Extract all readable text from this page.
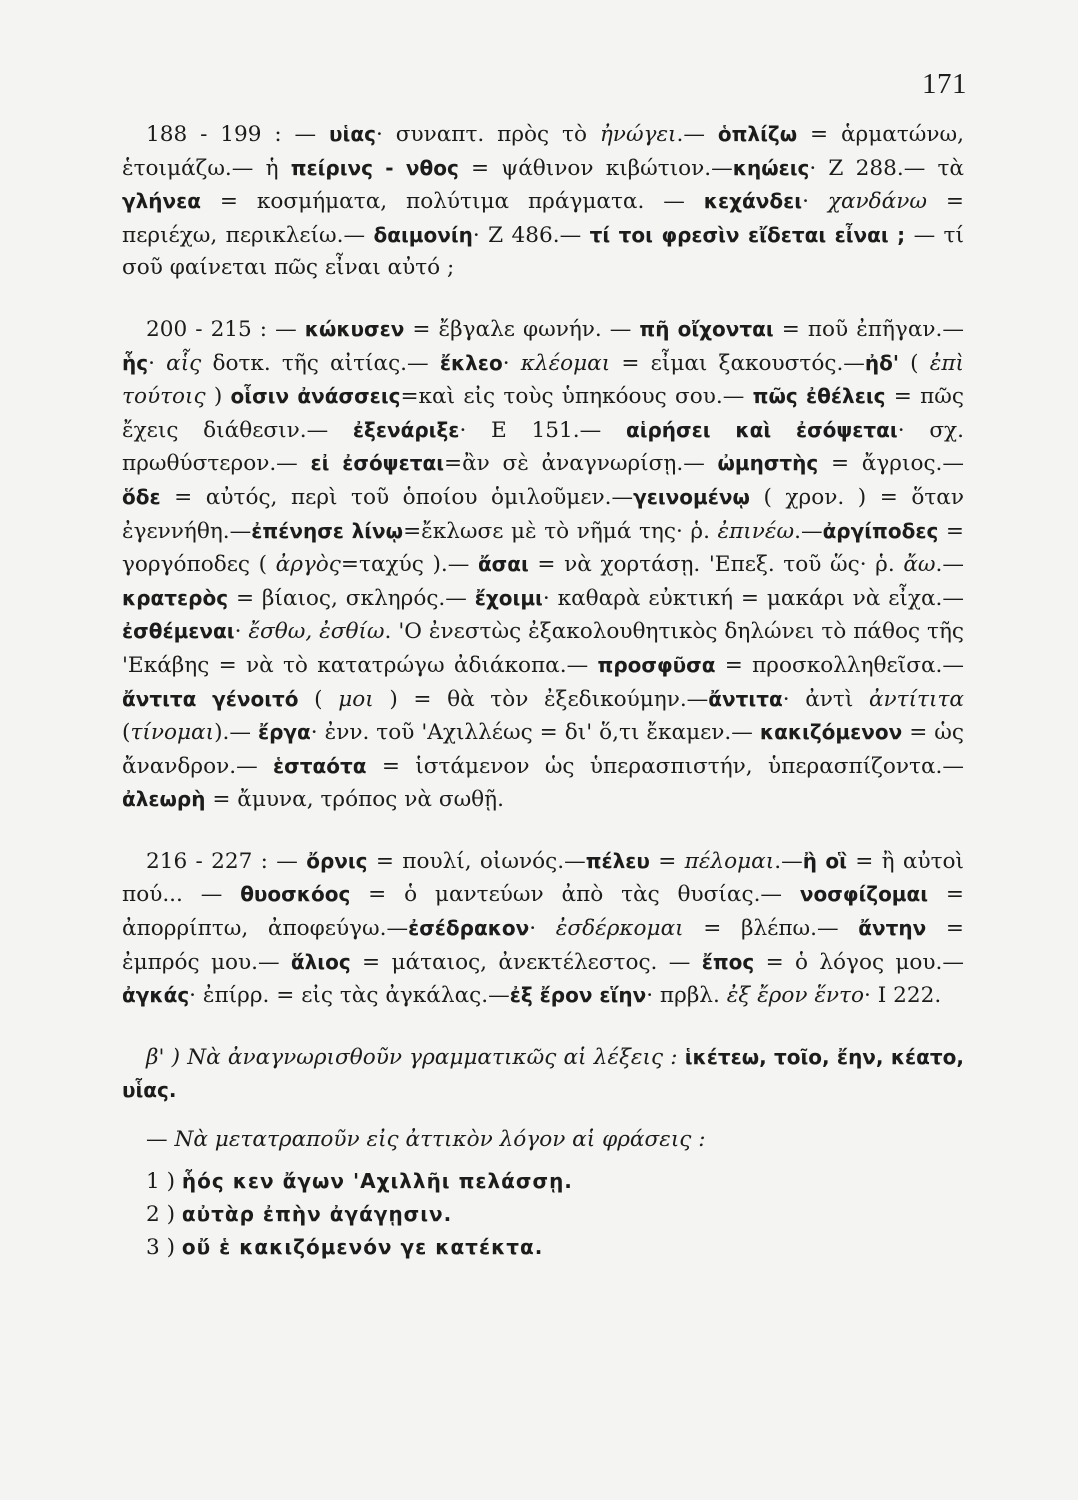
171

188 - 199 : — υἱας· συναπτ. πρὸς τὸ ἠνώγει.— ὁπλίζω = ἁρματώνω, ἑτοιμάζω.— ἡ πείρινς - νθος = ψάθινον κιβώτιον.—κηώεις· Ζ 288.— τὰ γλήνεα = κοσμήματα, πολύτιμα πράγματα. — κεχάνδει· χανδάνω = περιέχω, περικλείω.— δαιμονίη· Ζ 486.— τί τοι φρεσὶν εἴδεται εἶναι ; — τί σοῦ φαίνεται πῶς εἶναι αὐτό ;

200 - 215 : — κώκυσεν = ἔβγαλε φωνήν. — πῆ οἴχονται = ποῦ ἐπῆγαν.— ἧς· αἷς δοτκ. τῆς αἰτίας.— ἔκλεο· κλέομαι = εἶμαι ξακουστός.—ἠδ' ( ἐπὶ τούτοις ) οἷσιν ἀνάσσεις=καὶ εἰς τοὺς ὑπηκόους σου.— πῶς ἐθέλεις = πῶς ἔχεις διάθεσιν.— ἐξενάριξε· Ε 151.— αἱρήσει καὶ ἐσόψεται· σχ. πρωθύστερον.— εἰ ἐσόψεται=ἂν σὲ ἀναγνωρίσῃ.— ὠμηστὴς = ἄγριος.— ὅδε = αὐτός, περὶ τοῦ ὁποίου ὁμιλοῦμεν.—γεινομένῳ ( χρον. ) = ὅταν ἐγεννήθη.—ἐπένησε λίνῳ=ἔκλωσε μὲ τὸ νῆμά της· ῥ. ἐπινέω.—ἀργίποδες = γοργόποδες ( ἀργὸς=ταχύς ).— ἄσαι = νὰ χορτάσῃ. 'Επεξ. τοῦ ὥς· ῥ. ἄω.—κρατερὸς = βίαιος, σκληρός.— ἔχοιμι· καθαρὰ εὐκτική = μακάρι νὰ εἶχα.— ἐσθέμεναι· ἔσθω, ἐσθίω. 'Ο ἐνεστὼς ἐξακολουθητικὸς δηλώνει τὸ πάθος τῆς 'Εκάβης = νὰ τὸ κατατρώγω ἀδιάκοπα.— προσφῦσα = προσκολληθεῖσα.— ἄντιτα γένοιτό ( μοι ) = θὰ τὸν ἐξεδικούμην.—ἄντιτα· ἀντὶ ἀντίτιτα (τίνομαι).— ἔργα· ἐνν. τοῦ 'Αχιλλέως = δι' ὅ,τι ἔκαμεν.— κακιζόμενον = ὡς ἄνανδρον.— ἑσταότα = ἱστάμενον ὡς ὑπερασπιστήν, ὑπερασπίζοντα.— ἀλεωρὴ = ἄμυνα, τρόπος νὰ σωθῇ.

216 - 227 : — ὄρνις = πουλί, οἰωνός.—πέλευ = πέλομαι.—ἢ οἳ = ἢ αὐτοὶ πού... — θυοσκόος = ὁ μαντεύων ἀπὸ τὰς θυσίας.— νοσφίζομαι = ἀπορρίπτω, ἀποφεύγω.—ἐσέδρακον· ἐσδέρκομαι = βλέπω.— ἄντην = ἐμπρός μου.— ἅλιος = μάταιος, ἀνεκτέλεστος. — ἔπος = ὁ λόγος μου.— ἀγκάς· ἐπίρρ. = εἰς τὰς ἀγκάλας.—ἐξ ἔρον εἵην· πρβλ. ἐξ ἔρον ἕντο· Ι 222.

β' ) Νὰ ἀναγνωρισθοῦν γραμματικῶς αἱ λέξεις : ἱκέτεω, τοῖο, ἔην, κέατο, υἷας.

— Νὰ μετατραποῦν εἰς ἀττικὸν λόγον αἱ φράσεις :

1 ) ἧός κεν ἄγων 'Αχιλλῆι πελάσσῃ.
2 ) αὐτὰρ ἐπὴν ἀγάγῃσιν.
3 ) οὔ ἑ κακιζόμενόν γε κατέκτα.
